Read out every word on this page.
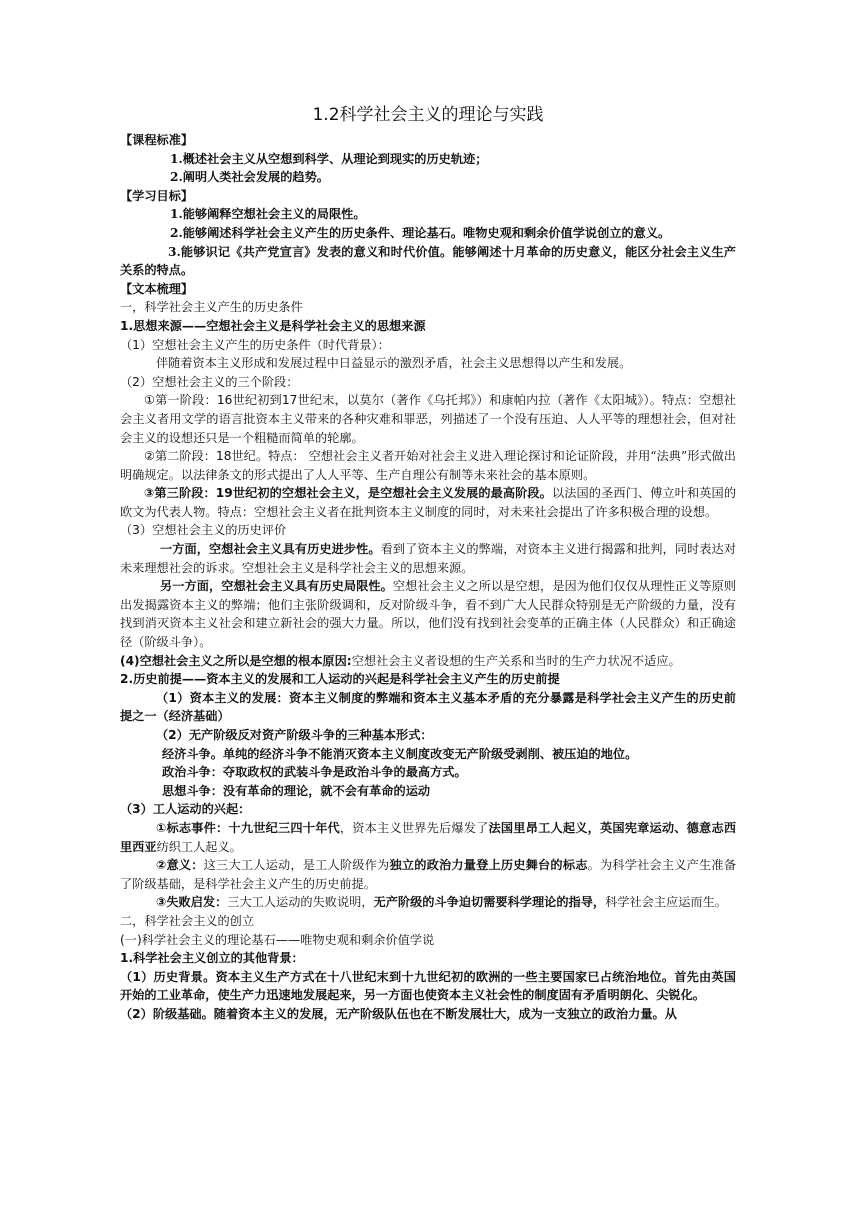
1.2科学社会主义的理论与实践

【课程标准】

1.概述社会主义从空想到科学、从理论到现实的历史轨迹；

2.阐明人类社会发展的趋势。

【学习目标】

1.能够阐释空想社会主义的局限性。

2.能够阐述科学社会主义产生的历史条件、理论基石。唯物史观和剩余价值学说创立的意义。

3.能够识记《共产党宣言》发表的意义和时代价值。能够阐述十月革命的历史意义，能区分社会主义生产关系的特点。

【文本梳理】

一，科学社会主义产生的历史条件

1.思想来源——空想社会主义是科学社会主义的思想来源

（1）空想社会主义产生的历史条件（时代背景）：

伴随着资本主义形成和发展过程中日益显示的激烈矛盾，社会主义思想得以产生和发展。

（2）空想社会主义的三个阶段：

①第一阶段：16世纪初到17世纪末，以莫尔（著作《乌托邦》）和康帕内拉（著作《太阳城》）。特点：空想社会主义者用文学的语言批资本主义带来的各种灾难和罪恶，列描述了一个没有压迫、人人平等的理想社会，但对社会主义的设想还只是一个粗糙而简单的轮廓。

②第二阶段：18世纪。特点： 空想社会主义者开始对社会主义进入理论探讨和论证阶段，并用“法典”形式做出明确规定。以法律条文的形式提出了人人平等、生产自理公有制等未来社会的基本原则。

③第三阶段：19世纪初的空想社会主义，是空想社会主义发展的最高阶段。以法国的圣西门、傅立叶和英国的欧文为代表人物。特点：空想社会主义者在批判资本主义制度的同时，对未来社会提出了许多积极合理的设想。

（3）空想社会主义的历史评价

一方面，空想社会主义具有历史进步性。看到了资本主义的弊端，对资本主义进行揭露和批判，同时表达对未来理想社会的诉求。空想社会主义是科学社会主义的思想来源。

另一方面，空想社会主义具有历史局限性。空想社会主义之所以是空想，是因为他们仅仅从理性正义等原则出发揭露资本主义的弊端；他们主张阶级调和，反对阶级斗争，看不到广大人民群众特别是无产阶级的力量，没有找到消灭资本主义社会和建立新社会的强大力量。所以，他们没有找到社会变革的正确主体（人民群众）和正确途径（阶级斗争）。

(4)空想社会主义之所以是空想的根本原因:空想社会主义者设想的生产关系和当时的生产力状况不适应。

2.历史前提——资本主义的发展和工人运动的兴起是科学社会主义产生的历史前提

（1）资本主义的发展：资本主义制度的弊端和资本主义基本矛盾的充分暴露是科学社会主义产生的历史前提之一（经济基础）

（2）无产阶级反对资产阶级斗争的三种基本形式：

经济斗争。单纯的经济斗争不能消灭资本主义制度改变无产阶级受剥削、被压迫的地位。

政治斗争：夺取政权的武装斗争是政治斗争的最高方式。

思想斗争：没有革命的理论，就不会有革命的运动

（3）工人运动的兴起：

①标志事件：十九世纪三四十年代，资本主义世界先后爆发了法国里昂工人起义，英国宪章运动、德意志西里西亚纺织工人起义。

②意义：这三大工人运动，是工人阶级作为独立的政治力量登上历史舞台的标志。为科学社会主义产生准备了阶级基础，是科学社会主义产生的历史前提。

③失败启发：三大工人运动的失败说明，无产阶级的斗争迫切需要科学理论的指导，科学社会主应运而生。

二，科学社会主义的创立

(一)科学社会主义的理论基石——唯物史观和剩余价值学说

1.科学社会主义创立的其他背景：

（1）历史背景。资本主义生产方式在十八世纪末到十九世纪初的欧洲的一些主要国家已占统治地位。首先由英国开始的工业革命，使生产力迅速地发展起来，另一方面也使资本主义社会性的制度固有矛盾明朗化、尖锐化。

（2）阶级基础。随着资本主义的发展，无产阶级队伍也在不断发展壮大，成为一支独立的政治力量。从
